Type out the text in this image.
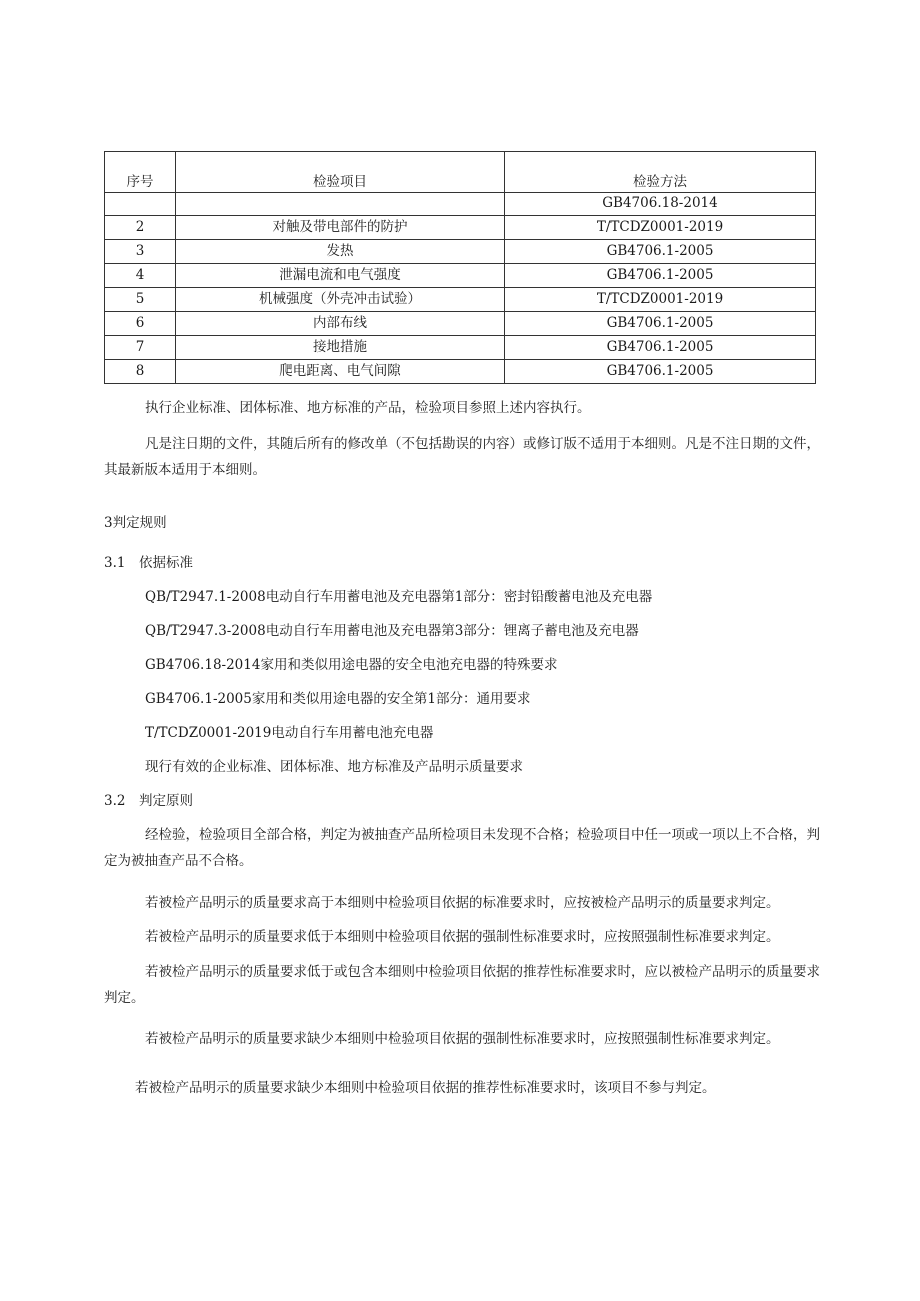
序号	检验项目	检验方法
		GB4706.18-2014
2	对触及带电部件的防护	T/TCDZ0001-2019
3	发热	GB4706.1-2005
4	泄漏电流和电气强度	GB4706.1-2005
5	机械强度（外壳冲击试验）	T/TCDZ0001-2019
6	内部布线	GB4706.1-2005
7	接地措施	GB4706.1-2005
8	爬电距离、电气间隙	GB4706.1-2005
执行企业标准、团体标准、地方标准的产品，检验项目参照上述内容执行。
凡是注日期的文件，其随后所有的修改单（不包括勘误的内容）或修订版不适用于本细则。凡是不注日期的文件，其最新版本适用于本细则。
3判定规则
3.1　依据标准
QB/T2947.1-2008电动自行车用蓄电池及充电器第1部分：密封铅酸蓄电池及充电器
QB/T2947.3-2008电动自行车用蓄电池及充电器第3部分：锂离子蓄电池及充电器
GB4706.18-2014家用和类似用途电器的安全电池充电器的特殊要求
GB4706.1-2005家用和类似用途电器的安全第1部分：通用要求
T/TCDZ0001-2019电动自行车用蓄电池充电器
现行有效的企业标准、团体标准、地方标准及产品明示质量要求
3.2　判定原则
经检验，检验项目全部合格，判定为被抽查产品所检项目未发现不合格；检验项目中任一项或一项以上不合格，判定为被抽查产品不合格。
若被检产品明示的质量要求高于本细则中检验项目依据的标准要求时，应按被检产品明示的质量要求判定。
若被检产品明示的质量要求低于本细则中检验项目依据的强制性标准要求时，应按照强制性标准要求判定。
若被检产品明示的质量要求低于或包含本细则中检验项目依据的推荐性标准要求时，应以被检产品明示的质量要求判定。
若被检产品明示的质量要求缺少本细则中检验项目依据的强制性标准要求时，应按照强制性标准要求判定。
若被检产品明示的质量要求缺少本细则中检验项目依据的推荐性标准要求时，该项目不参与判定。
